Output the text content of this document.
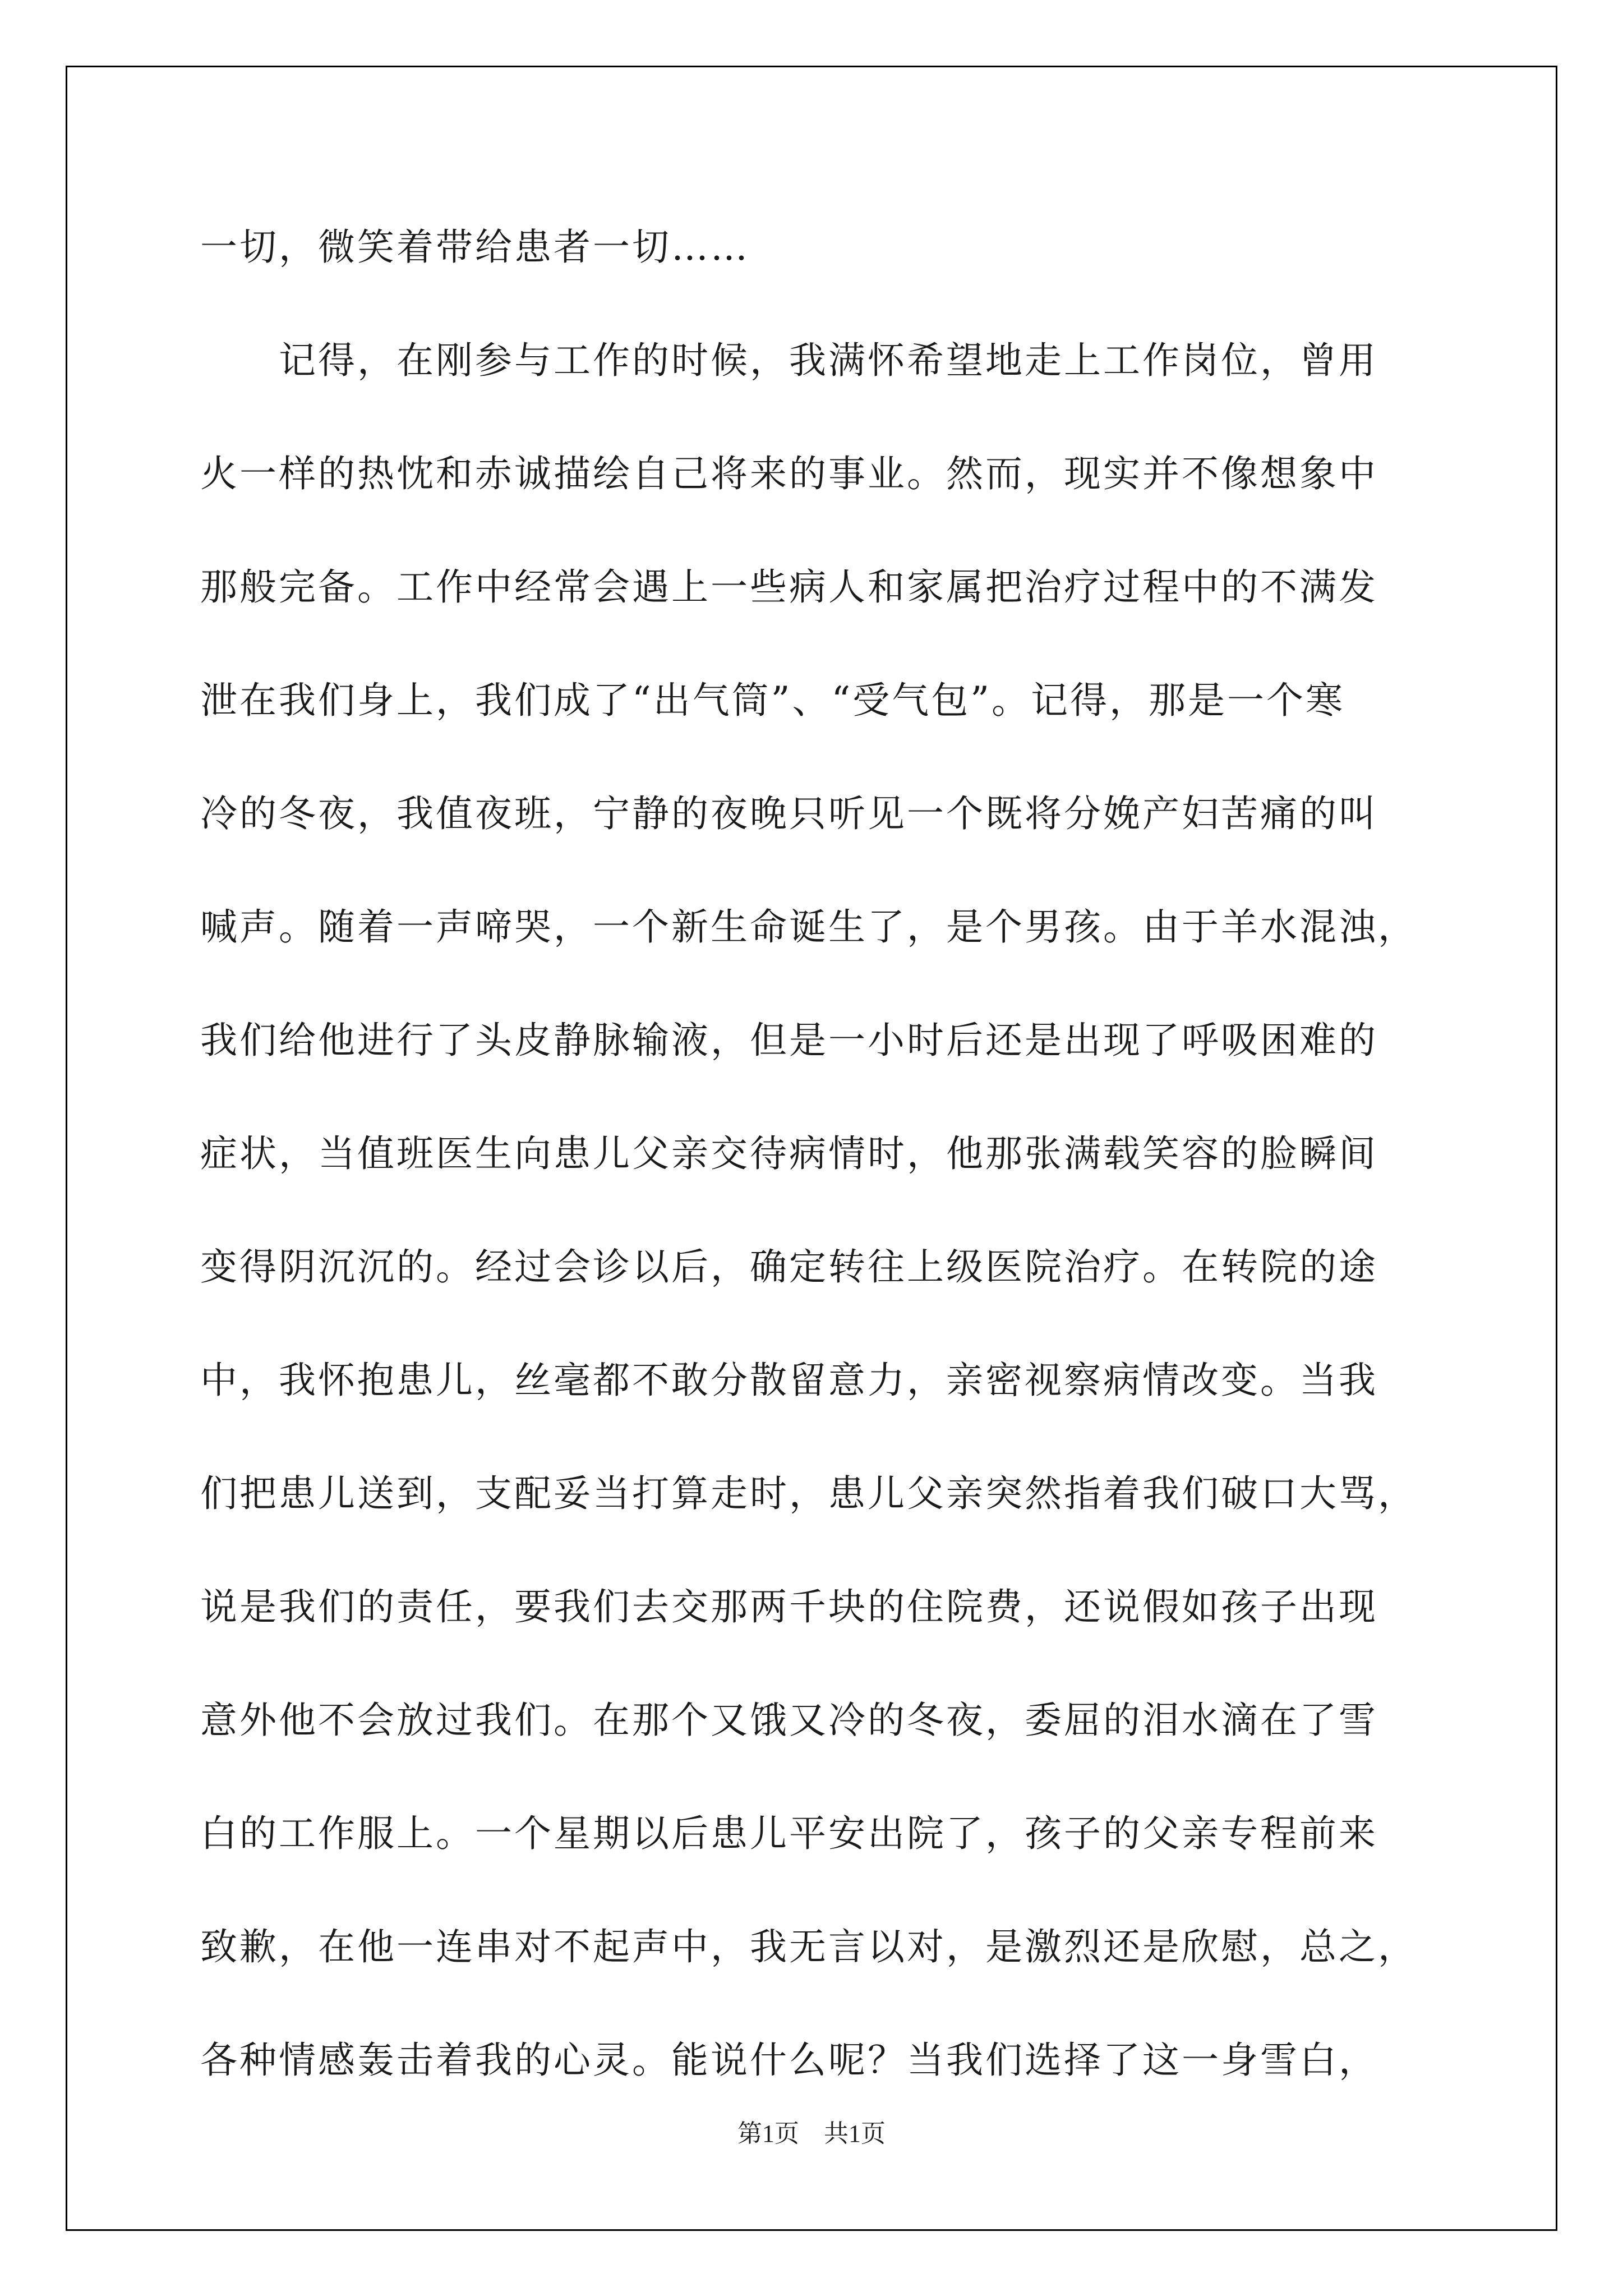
一切，微笑着带给患者一切……
　　记得，在刚参与工作的时候，我满怀希望地走上工作岗位，曾用
火一样的热忱和赤诚描绘自己将来的事业。然而，现实并不像想象中
那般完备。工作中经常会遇上一些病人和家属把治疗过程中的不满发
泄在我们身上，我们成了“出气筒”、“受气包”。记得，那是一个寒
冷的冬夜，我值夜班，宁静的夜晚只听见一个既将分娩产妇苦痛的叫
喊声。随着一声啼哭，一个新生命诞生了，是个男孩。由于羊水混浊，
我们给他进行了头皮静脉输液，但是一小时后还是出现了呼吸困难的
症状，当值班医生向患儿父亲交待病情时，他那张满载笑容的脸瞬间
变得阴沉沉的。经过会诊以后，确定转往上级医院治疗。在转院的途
中，我怀抱患儿，丝毫都不敢分散留意力，亲密视察病情改变。当我
们把患儿送到，支配妥当打算走时，患儿父亲突然指着我们破口大骂，
说是我们的责任，要我们去交那两千块的住院费，还说假如孩子出现
意外他不会放过我们。在那个又饿又冷的冬夜，委屈的泪水滴在了雪
白的工作服上。一个星期以后患儿平安出院了，孩子的父亲专程前来
致歉，在他一连串对不起声中，我无言以对，是激烈还是欣慰，总之，
各种情感轰击着我的心灵。能说什么呢？当我们选择了这一身雪白，
第1页　共1页
